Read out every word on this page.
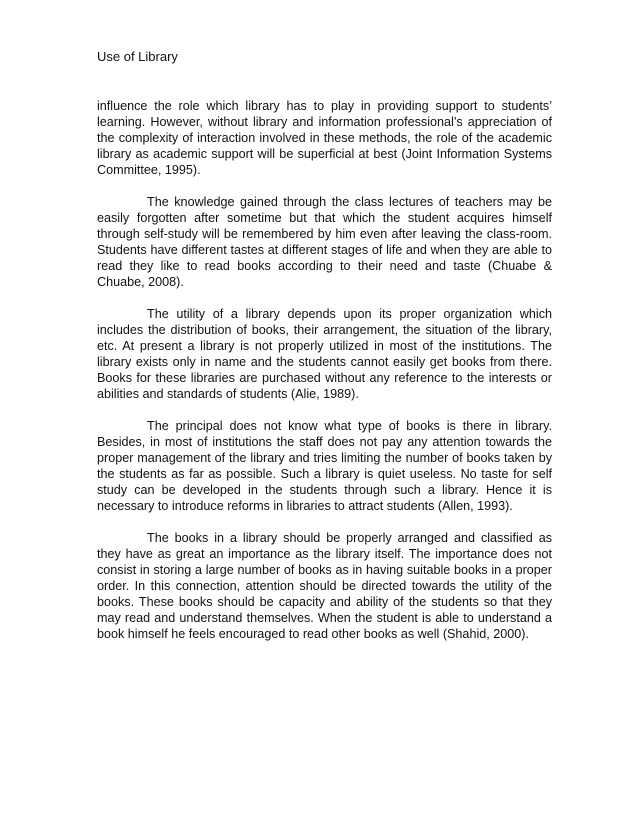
Use of Library

influence the role which library has to play in providing support to students’ learning. However, without library and information professional’s appreciation of the complexity of interaction involved in these methods, the role of the academic library as academic support will be superficial at best (Joint Information Systems Committee, 1995).

The knowledge gained through the class lectures of teachers may be easily forgotten after sometime but that which the student acquires himself through self-study will be remembered by him even after leaving the class-room. Students have different tastes at different stages of life and when they are able to read they like to read books according to their need and taste (Chuabe & Chuabe, 2008).

The utility of a library depends upon its proper organization which includes the distribution of books, their arrangement, the situation of the library, etc. At present a library is not properly utilized in most of the institutions. The library exists only in name and the students cannot easily get books from there. Books for these libraries are purchased without any reference to the interests or abilities and standards of students (Alie, 1989).

The principal does not know what type of books is there in library. Besides, in most of institutions the staff does not pay any attention towards the proper management of the library and tries limiting the number of books taken by the students as far as possible. Such a library is quiet useless. No taste for self study can be developed in the students through such a library. Hence it is necessary to introduce reforms in libraries to attract students (Allen, 1993).

The books in a library should be properly arranged and classified as they have as great an importance as the library itself. The importance does not consist in storing a large number of books as in having suitable books in a proper order. In this connection, attention should be directed towards the utility of the books. These books should be capacity and ability of the students so that they may read and understand themselves. When the student is able to understand a book himself he feels encouraged to read other books as well (Shahid, 2000).
